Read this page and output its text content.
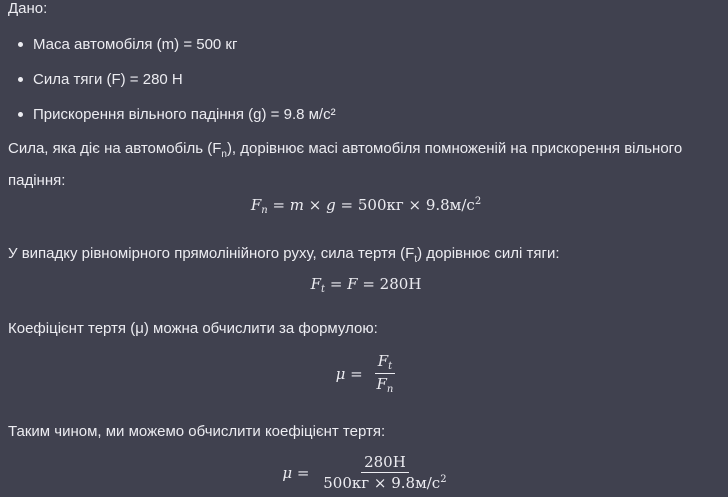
Дано:

Маса автомобіля (m) = 500 кг
Сила тяги (F) = 280 Н
Прискорення вільного падіння (g) = 9.8 м/с²

Сила, яка діє на автомобіль $(F_n)$, дорівнює масі автомобіля помноженій на прискорення вільного падіння:

$F_n = m \times g = 500кг \times 9.8м/с^2$

У випадку рівномірного прямолінійного руху, сила тертя $(F_t)$ дорівнює силі тяги:

$F_t = F = 280Н$

Коефіцієнт тертя (μ) можна обчислити за формулою:

$\mu = \frac{F_t}{F_n}$

Таким чином, ми можемо обчислити коефіцієнт тертя:

$\mu = \frac{280Н}{500кг \times 9.8м/с^2}$
